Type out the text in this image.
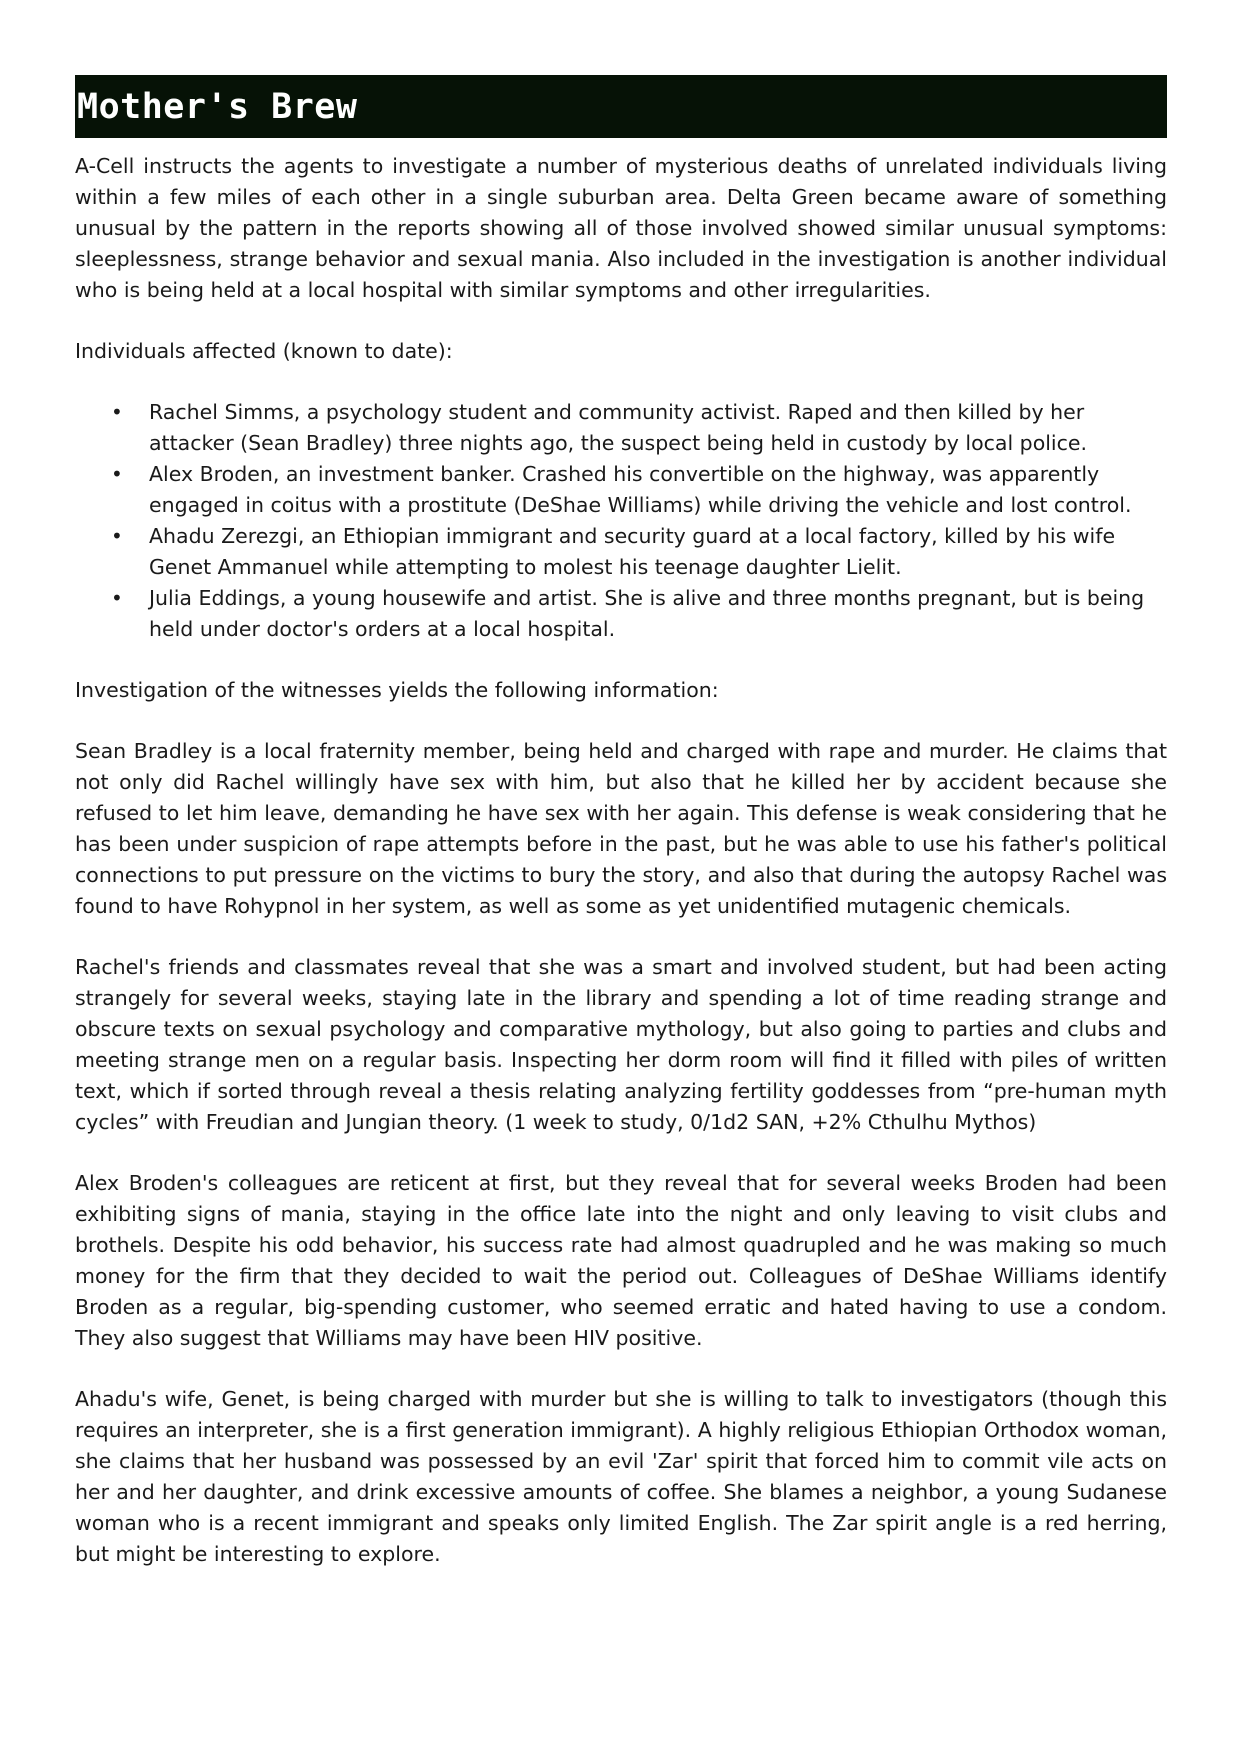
Mother's Brew

A-Cell instructs the agents to investigate a number of mysterious deaths of unrelated individuals living within a few miles of each other in a single suburban area. Delta Green became aware of something unusual by the pattern in the reports showing all of those involved showed similar unusual symptoms: sleeplessness, strange behavior and sexual mania. Also included in the investigation is another individual who is being held at a local hospital with similar symptoms and other irregularities.

Individuals affected (known to date):

• Rachel Simms, a psychology student and community activist. Raped and then killed by her attacker (Sean Bradley) three nights ago, the suspect being held in custody by local police.
• Alex Broden, an investment banker. Crashed his convertible on the highway, was apparently engaged in coitus with a prostitute (DeShae Williams) while driving the vehicle and lost control.
• Ahadu Zerezgi, an Ethiopian immigrant and security guard at a local factory, killed by his wife Genet Ammanuel while attempting to molest his teenage daughter Lielit.
• Julia Eddings, a young housewife and artist. She is alive and three months pregnant, but is being held under doctor's orders at a local hospital.

Investigation of the witnesses yields the following information:

Sean Bradley is a local fraternity member, being held and charged with rape and murder. He claims that not only did Rachel willingly have sex with him, but also that he killed her by accident because she refused to let him leave, demanding he have sex with her again. This defense is weak considering that he has been under suspicion of rape attempts before in the past, but he was able to use his father's political connections to put pressure on the victims to bury the story, and also that during the autopsy Rachel was found to have Rohypnol in her system, as well as some as yet unidentified mutagenic chemicals.

Rachel's friends and classmates reveal that she was a smart and involved student, but had been acting strangely for several weeks, staying late in the library and spending a lot of time reading strange and obscure texts on sexual psychology and comparative mythology, but also going to parties and clubs and meeting strange men on a regular basis. Inspecting her dorm room will find it filled with piles of written text, which if sorted through reveal a thesis relating analyzing fertility goddesses from “pre-human myth cycles” with Freudian and Jungian theory. (1 week to study, 0/1d2 SAN, +2% Cthulhu Mythos)

Alex Broden's colleagues are reticent at first, but they reveal that for several weeks Broden had been exhibiting signs of mania, staying in the office late into the night and only leaving to visit clubs and brothels. Despite his odd behavior, his success rate had almost quadrupled and he was making so much money for the firm that they decided to wait the period out. Colleagues of DeShae Williams identify Broden as a regular, big-spending customer, who seemed erratic and hated having to use a condom. They also suggest that Williams may have been HIV positive.

Ahadu's wife, Genet, is being charged with murder but she is willing to talk to investigators (though this requires an interpreter, she is a first generation immigrant). A highly religious Ethiopian Orthodox woman, she claims that her husband was possessed by an evil 'Zar' spirit that forced him to commit vile acts on her and her daughter, and drink excessive amounts of coffee. She blames a neighbor, a young Sudanese woman who is a recent immigrant and speaks only limited English. The Zar spirit angle is a red herring, but might be interesting to explore.
